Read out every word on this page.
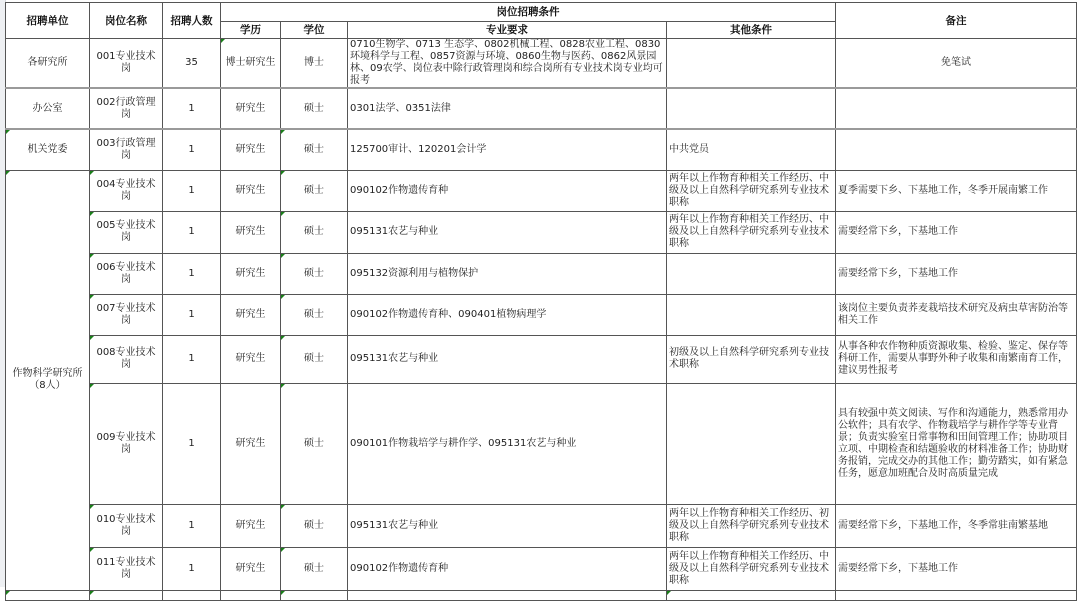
招聘单位	岗位名称	招聘人数	岗位招聘条件				备注
			学历	学位	专业要求	其他条件	
各研究所	001专业技术岗	35	博士研究生	博士	0710生物学、0713 生态学、0802机械工程、0828农业工程、0830环境科学与工程、0857资源与环境、0860生物与医药、0862风景园林、09农学、岗位表中除行政管理岗和综合岗所有专业技术岗专业均可报考		免笔试
办公室	002行政管理岗	1	研究生	硕士	0301法学、0351法律		
机关党委	003行政管理岗	1	研究生	硕士	125700审计、120201会计学	中共党员	
作物科学研究所（8人）	004专业技术岗	1	研究生	硕士	090102作物遗传育种	两年以上作物育种相关工作经历、中级及以上自然科学研究系列专业技术职称	夏季需要下乡、下基地工作，冬季开展南繁工作
	005专业技术岗	1	研究生	硕士	095131农艺与种业	两年以上作物育种相关工作经历、中级及以上自然科学研究系列专业技术职称	需要经常下乡，下基地工作
	006专业技术岗	1	研究生	硕士	095132资源利用与植物保护		需要经常下乡，下基地工作
	007专业技术岗	1	研究生	硕士	090102作物遗传育种、090401植物病理学		该岗位主要负责荞麦栽培技术研究及病虫草害防治等相关工作
	008专业技术岗	1	研究生	硕士	095131农艺与种业	初级及以上自然科学研究系列专业技术职称	从事各种农作物种质资源收集、检验、鉴定、保存等科研工作，需要从事野外种子收集和南繁南育工作，建议男性报考
	009专业技术岗	1	研究生	硕士	090101作物栽培学与耕作学、095131农艺与种业		具有较强中英文阅读、写作和沟通能力，熟悉常用办公软件；具有农学、作物栽培学与耕作学等专业背景；负责实验室日常事物和田间管理工作；协助项目立项、中期检查和结题验收的材料准备工作；协助财务报销，完成交办的其他工作；勤劳踏实，如有紧急任务，愿意加班配合及时高质量完成
	010专业技术岗	1	研究生	硕士	095131农艺与种业	两年以上作物育种相关工作经历、初级及以上自然科学研究系列专业技术职称	需要经常下乡，下基地工作，冬季常驻南繁基地
	011专业技术岗	1	研究生	硕士	090102作物遗传育种	两年以上作物育种相关工作经历、中级及以上自然科学研究系列专业技术职称	需要经常下乡，下基地工作
